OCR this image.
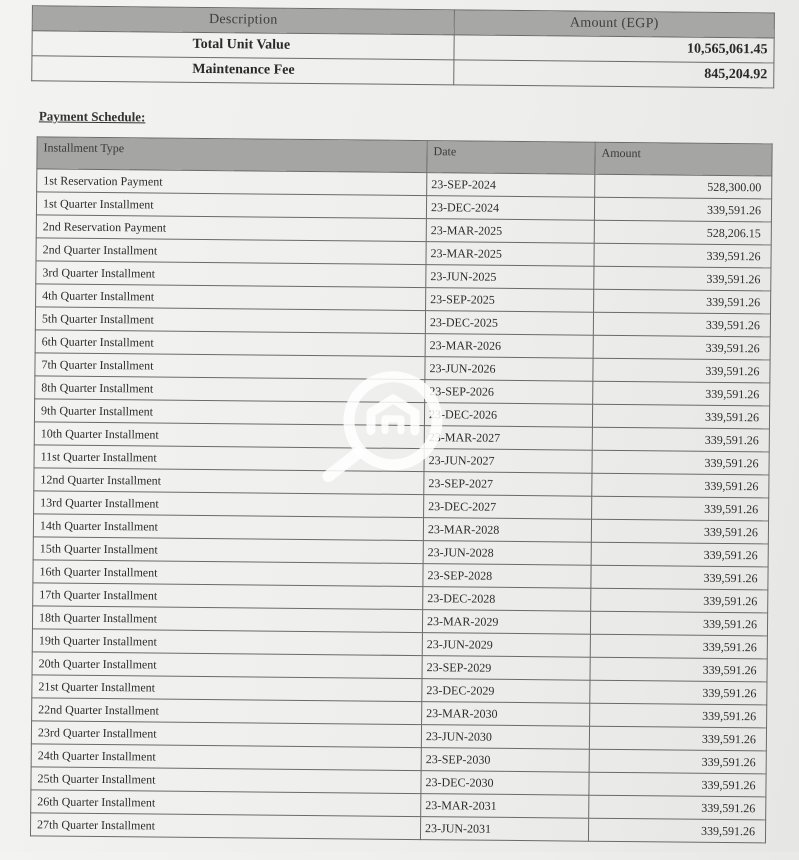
Description	Amount (EGP)
Total Unit Value	10,565,061.45
Maintenance Fee	845,204.92
Payment Schedule:
Installment Type	Date	Amount
1st Reservation Payment	23-SEP-2024	528,300.00
1st Quarter Installment	23-DEC-2024	339,591.26
2nd Reservation Payment	23-MAR-2025	528,206.15
2nd Quarter Installment	23-MAR-2025	339,591.26
3rd Quarter Installment	23-JUN-2025	339,591.26
4th Quarter Installment	23-SEP-2025	339,591.26
5th Quarter Installment	23-DEC-2025	339,591.26
6th Quarter Installment	23-MAR-2026	339,591.26
7th Quarter Installment	23-JUN-2026	339,591.26
8th Quarter Installment	23-SEP-2026	339,591.26
9th Quarter Installment	23-DEC-2026	339,591.26
10th Quarter Installment	23-MAR-2027	339,591.26
11st Quarter Installment	23-JUN-2027	339,591.26
12nd Quarter Installment	23-SEP-2027	339,591.26
13rd Quarter Installment	23-DEC-2027	339,591.26
14th Quarter Installment	23-MAR-2028	339,591.26
15th Quarter Installment	23-JUN-2028	339,591.26
16th Quarter Installment	23-SEP-2028	339,591.26
17th Quarter Installment	23-DEC-2028	339,591.26
18th Quarter Installment	23-MAR-2029	339,591.26
19th Quarter Installment	23-JUN-2029	339,591.26
20th Quarter Installment	23-SEP-2029	339,591.26
21st Quarter Installment	23-DEC-2029	339,591.26
22nd Quarter Installment	23-MAR-2030	339,591.26
23rd Quarter Installment	23-JUN-2030	339,591.26
24th Quarter Installment	23-SEP-2030	339,591.26
25th Quarter Installment	23-DEC-2030	339,591.26
26th Quarter Installment	23-MAR-2031	339,591.26
27th Quarter Installment	23-JUN-2031	339,591.26
